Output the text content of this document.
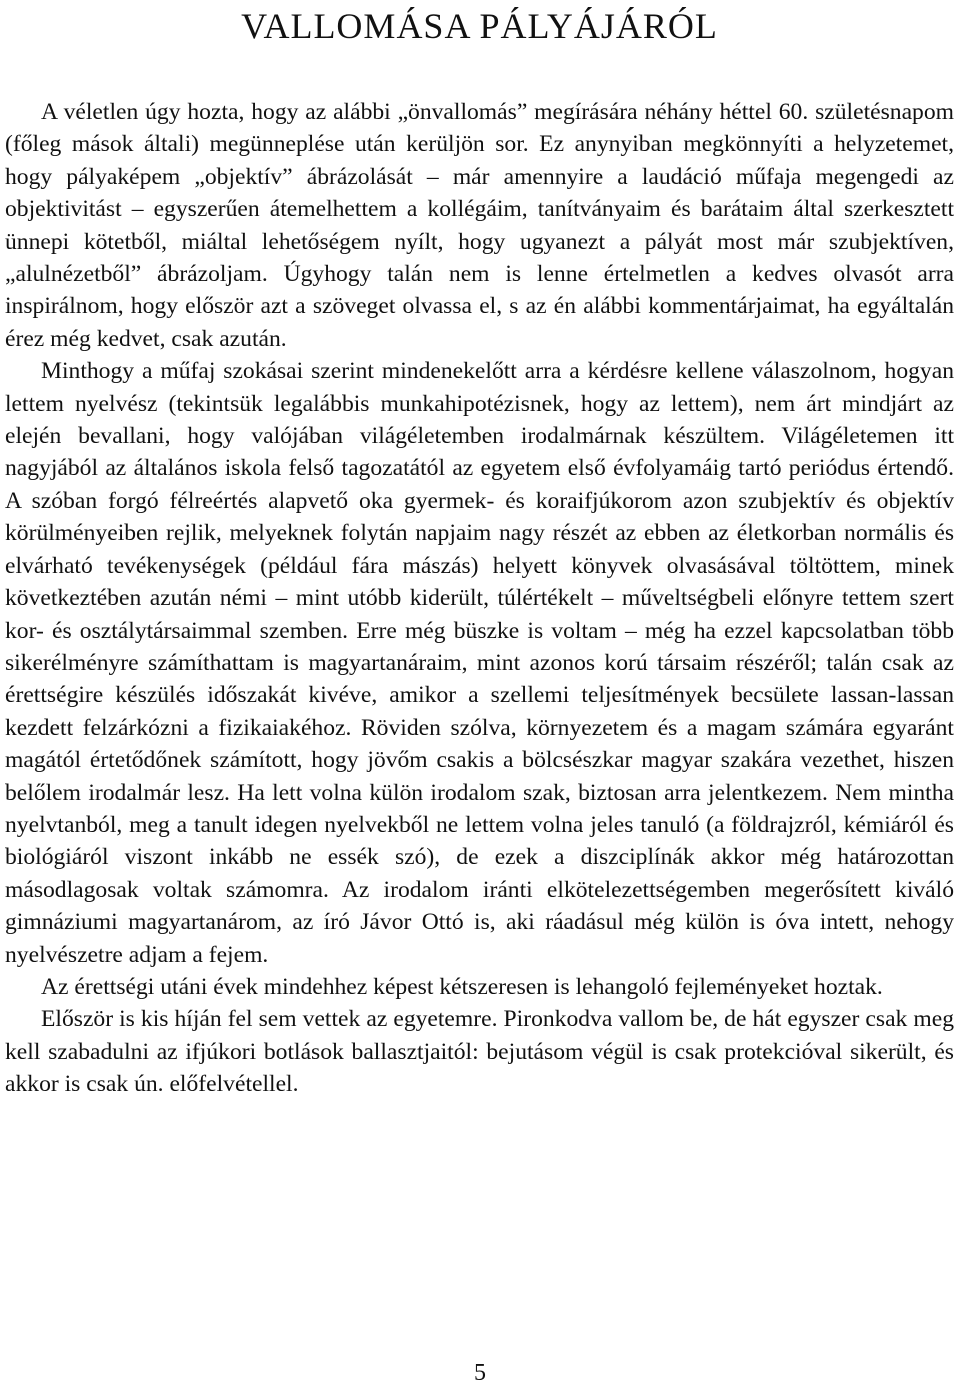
VALLOMÁSA PÁLYÁJÁRÓL

A véletlen úgy hozta, hogy az alábbi „önvallomás” megírására néhány héttel 60. születésnapom (főleg mások általi) megünneplése után kerüljön sor. Ez anynyiban megkönnyíti a helyzetemet, hogy pályaképem „objektív” ábrázolását – már amennyire a laudáció műfaja megengedi az objektivitást – egyszerűen átemelhettem a kollégáim, tanítványaim és barátaim által szerkesztett ünnepi kötetből, miáltal lehetőségem nyílt, hogy ugyanezt a pályát most már szubjektíven, „alulnézetből” ábrázoljam. Úgyhogy talán nem is lenne értelmetlen a kedves olvasót arra inspirálnom, hogy először azt a szöveget olvassa el, s az én alábbi kommentárjaimat, ha egyáltalán érez még kedvet, csak azután.

Minthogy a műfaj szokásai szerint mindenekelőtt arra a kérdésre kellene válaszolnom, hogyan lettem nyelvész (tekintsük legalábbis munkahipotézisnek, hogy az lettem), nem árt mindjárt az elején bevallani, hogy valójában világéletemben irodalmárnak készültem. Világéletemen itt nagyjából az általános iskola felső tagozatától az egyetem első évfolyamáig tartó periódus értendő. A szóban forgó félreértés alapvető oka gyermek- és koraifjúkorom azon szubjektív és objektív körülményeiben rejlik, melyeknek folytán napjaim nagy részét az ebben az életkorban normális és elvárható tevékenységek (például fára mászás) helyett könyvek olvasásával töltöttem, minek következtében azután némi – mint utóbb kiderült, túlértékelt – műveltségbeli előnyre tettem szert kor- és osztálytársaimmal szemben. Erre még büszke is voltam – még ha ezzel kapcsolatban több sikerélményre számíthattam is magyartanáraim, mint azonos korú társaim részéről; talán csak az érettségire készülés időszakát kivéve, amikor a szellemi teljesítmények becsülete lassan-lassan kezdett felzárkózni a fizikaiakéhoz. Röviden szólva, környezetem és a magam számára egyaránt magától értetődőnek számított, hogy jövőm csakis a bölcsészkar magyar szakára vezethet, hiszen belőlem irodalmár lesz. Ha lett volna külön irodalom szak, biztosan arra jelentkezem. Nem mintha nyelvtanból, meg a tanult idegen nyelvekből ne lettem volna jeles tanuló (a földrajzról, kémiáról és biológiáról viszont inkább ne essék szó), de ezek a diszciplínák akkor még határozottan másodlagosak voltak számomra. Az irodalom iránti elkötelezettségemben megerősített kiváló gimnáziumi magyartanárom, az író Jávor Ottó is, aki ráadásul még külön is óva intett, nehogy nyelvészetre adjam a fejem.

Az érettségi utáni évek mindehhez képest kétszeresen is lehangoló fejleményeket hoztak.

Először is kis híján fel sem vettek az egyetemre. Pironkodva vallom be, de hát egyszer csak meg kell szabadulni az ifjúkori botlások ballasztjaitól: bejutásom végül is csak protekcióval sikerült, és akkor is csak ún. előfelvétellel.

5
